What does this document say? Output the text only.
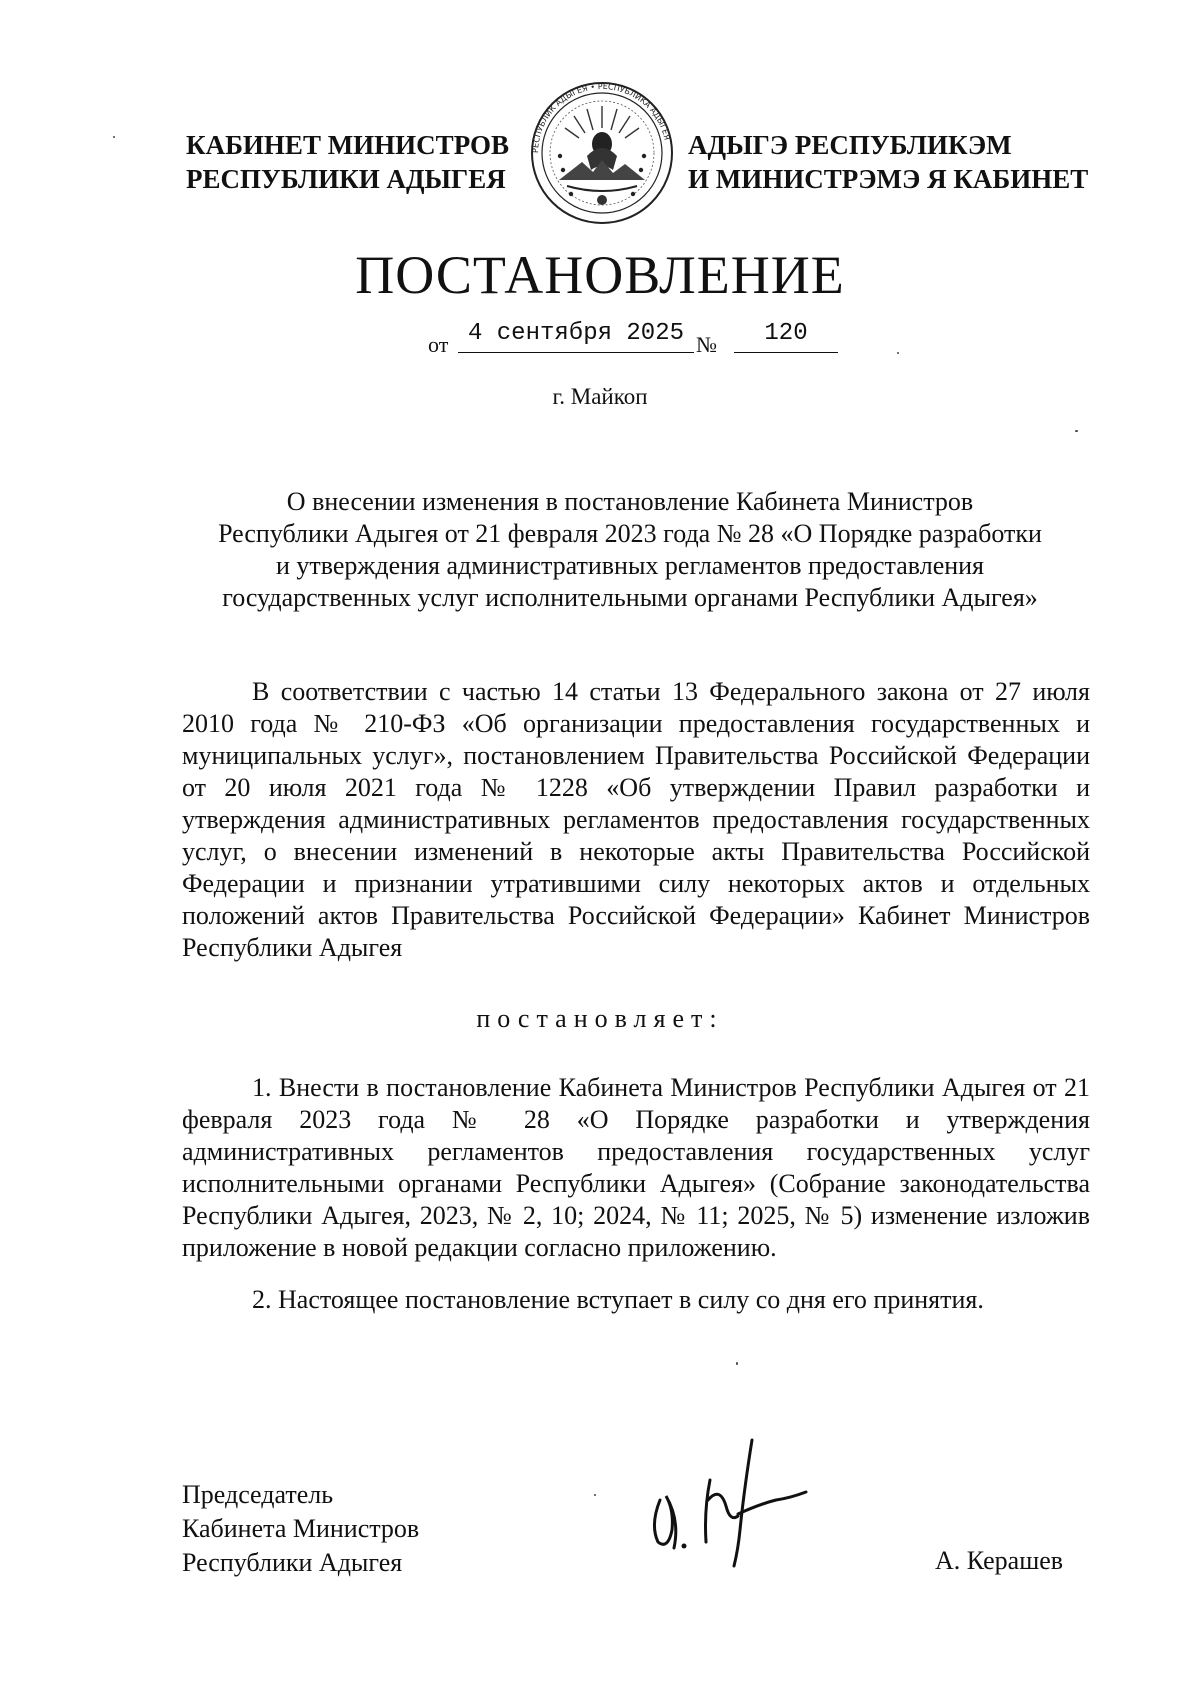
КАБИНЕТ МИНИСТРОВ
РЕСПУБЛИКИ АДЫГЕЯ
РЕСПУБЛИК АДЫГЕЯ • РЕСПУБЛИКА АДЫГЕЯ АДЫГЭ РЕСПУБЛИКЭМ
И МИНИСТРЭМЭ Я КАБИНЕТ
ПОСТАНОВЛЕНИЕ
от 4 сентября 2025 №	120
г. Майкоп
О внесении изменения в постановление Кабинета Министров
Республики Адыгея от 21 февраля 2023 года № 28 «О Порядке разработки
и утверждения административных регламентов предоставления
государственных услуг исполнительными органами Республики Адыгея»

В соответствии с частью 14 статьи 13 Федерального закона от 27 июля 2010 года № 210-ФЗ «Об организации предоставления государственных и муниципальных услуг», постановлением Правительства Российской Федерации от 20 июля 2021 года № 1228 «Об утверждении Правил разработки и утверждения административных регламентов предоставления государственных услуг, о внесении изменений в некоторые акты Правительства Российской Федерации и признании утратившими силу некоторых актов и отдельных положений актов Правительства Российской Федерации» Кабинет Министров Республики Адыгея

постановляет:

1. Внести в постановление Кабинета Министров Республики Адыгея от 21 февраля 2023 года № 28 «О Порядке разработки и утверждения административных регламентов предоставления государственных услуг исполнительными органами Республики Адыгея» (Собрание законодательства Республики Адыгея, 2023, № 2, 10; 2024, № 11; 2025, № 5) изменение изложив приложение в новой редакции согласно приложению.

2. Настоящее постановление вступает в силу со дня его принятия.

Председатель
Кабинета Министров
Республики Адыгея	А. Керашев
